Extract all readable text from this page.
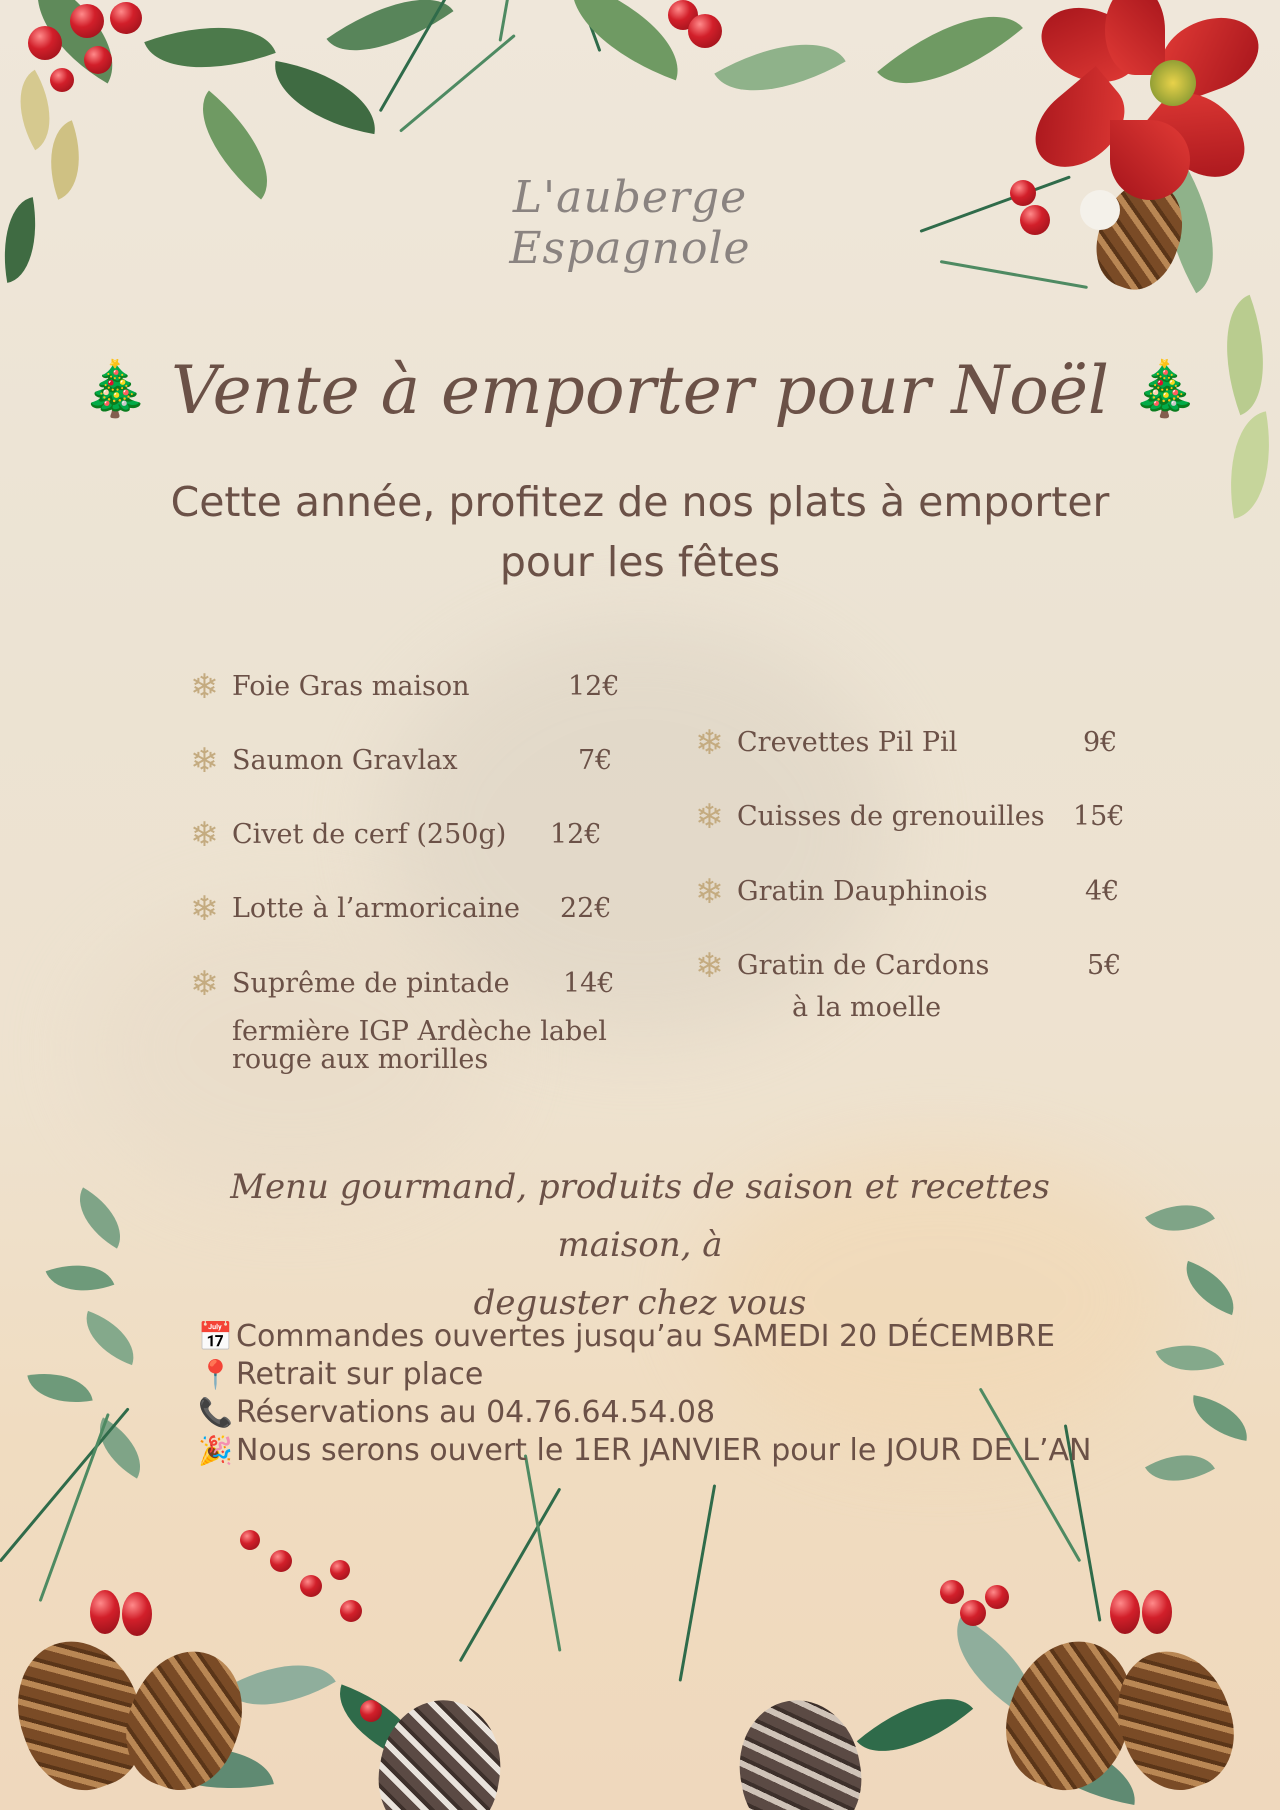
L'auberge Espagnole
🎄 Vente à emporter pour Noël 🎄
Cette année, profitez de nos plats à emporter
pour les fêtes
❄ Foie Gras maison	12€
❄ Saumon Gravlax	7€
❄ Civet de cerf (250g) 12€
❄ Lotte à l’armoricaine 22€
❄ Suprême de pintade 14€
fermière IGP Ardèche label
rouge aux morilles
❄ Crevettes Pil Pil	9€
❄ Cuisses de grenouilles 15€
❄ Gratin Dauphinois	4€
❄ Gratin de Cardons	5€
à la moelle
Menu gourmand, produits de saison et recettes maison, à
deguster chez vous
📅 Commandes ouvertes jusqu’au SAMEDI 20 DÉCEMBRE
📍 Retrait sur place
📞 Réservations au 04.76.64.54.08
🎉 Nous serons ouvert le 1ER JANVIER pour le JOUR DE L’AN
